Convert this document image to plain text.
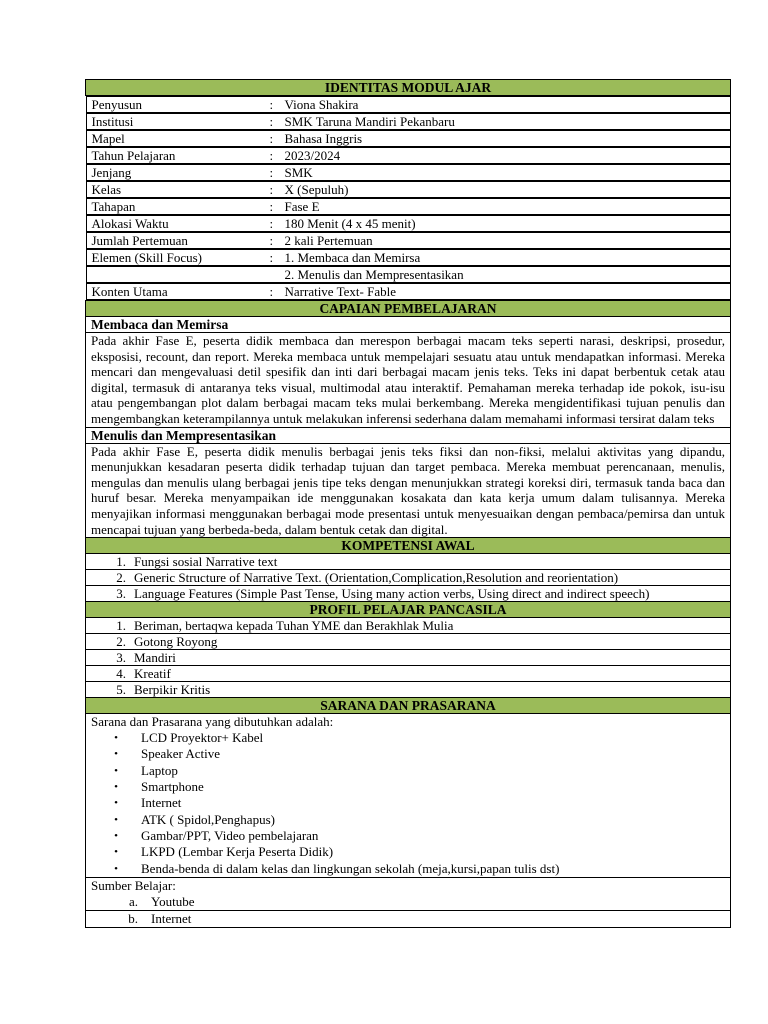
IDENTITAS MODUL AJAR

Penyusun	: Viona Shakira

Institusi	: SMK Taruna Mandiri Pekanbaru

Mapel	: Bahasa Inggris

Tahun Pelajaran	: 2023/2024

Jenjang	: SMK

Kelas	: X (Sepuluh)

Tahapan	: Fase E

Alokasi Waktu	: 180 Menit (4 x 45 menit)

Jumlah Pertemuan	: 2 kali Pertemuan

Elemen (Skill Focus)	: 1. Membaca dan Memirsa

2. Menulis dan Mempresentasikan

Konten Utama	: Narrative Text- Fable

CAPAIAN PEMBELAJARAN
Membaca dan Memirsa
Pada akhir Fase E, peserta didik membaca dan merespon berbagai macam teks seperti narasi, deskripsi, prosedur, eksposisi, recount, dan report. Mereka membaca untuk mempelajari sesuatu atau untuk mendapatkan informasi. Mereka mencari dan mengevaluasi detil spesifik dan inti dari berbagai macam jenis teks. Teks ini dapat berbentuk cetak atau digital, termasuk di antaranya teks visual, multimodal atau interaktif. Pemahaman mereka terhadap ide pokok, isu-isu atau pengembangan plot dalam berbagai macam teks mulai berkembang. Mereka mengidentifikasi tujuan penulis dan mengembangkan keterampilannya untuk melakukan inferensi sederhana dalam memahami informasi tersirat dalam teks
Menulis dan Mempresentasikan
Pada akhir Fase E, peserta didik menulis berbagai jenis teks fiksi dan non-fiksi, melalui aktivitas yang dipandu, menunjukkan kesadaran peserta didik terhadap tujuan dan target pembaca. Mereka membuat perencanaan, menulis, mengulas dan menulis ulang berbagai jenis tipe teks dengan menunjukkan strategi koreksi diri, termasuk tanda baca dan huruf besar. Mereka menyampaikan ide menggunakan kosakata dan kata kerja umum dalam tulisannya. Mereka menyajikan informasi menggunakan berbagai mode presentasi untuk menyesuaikan dengan pembaca/pemirsa dan untuk mencapai tujuan yang berbeda-beda, dalam bentuk cetak dan digital.
KOMPETENSI AWAL

1. Fungsi sosial Narrative text

2. Generic Structure of Narrative Text. (Orientation,Complication,Resolution and reorientation)

3. Language Features (Simple Past Tense, Using many action verbs, Using direct and indirect speech)

PROFIL PELAJAR PANCASILA

1. Beriman, bertaqwa kepada Tuhan YME dan Berakhlak Mulia

2. Gotong Royong

3. Mandiri

4. Kreatif

5. Berpikir Kritis

SARANA DAN PRASARANA

Sarana dan Prasarana yang dibutuhkan adalah:
•	LCD Proyektor+ Kabel
•	Speaker Active
•	Laptop
•	Smartphone
•	Internet
•	ATK ( Spidol,Penghapus)
•	Gambar/PPT, Video pembelajaran
•	LKPD (Lembar Kerja Peserta Didik)
•	Benda-benda di dalam kelas dan lingkungan sekolah (meja,kursi,papan tulis dst)

Sumber Belajar:
a.	Youtube

b.	Internet
